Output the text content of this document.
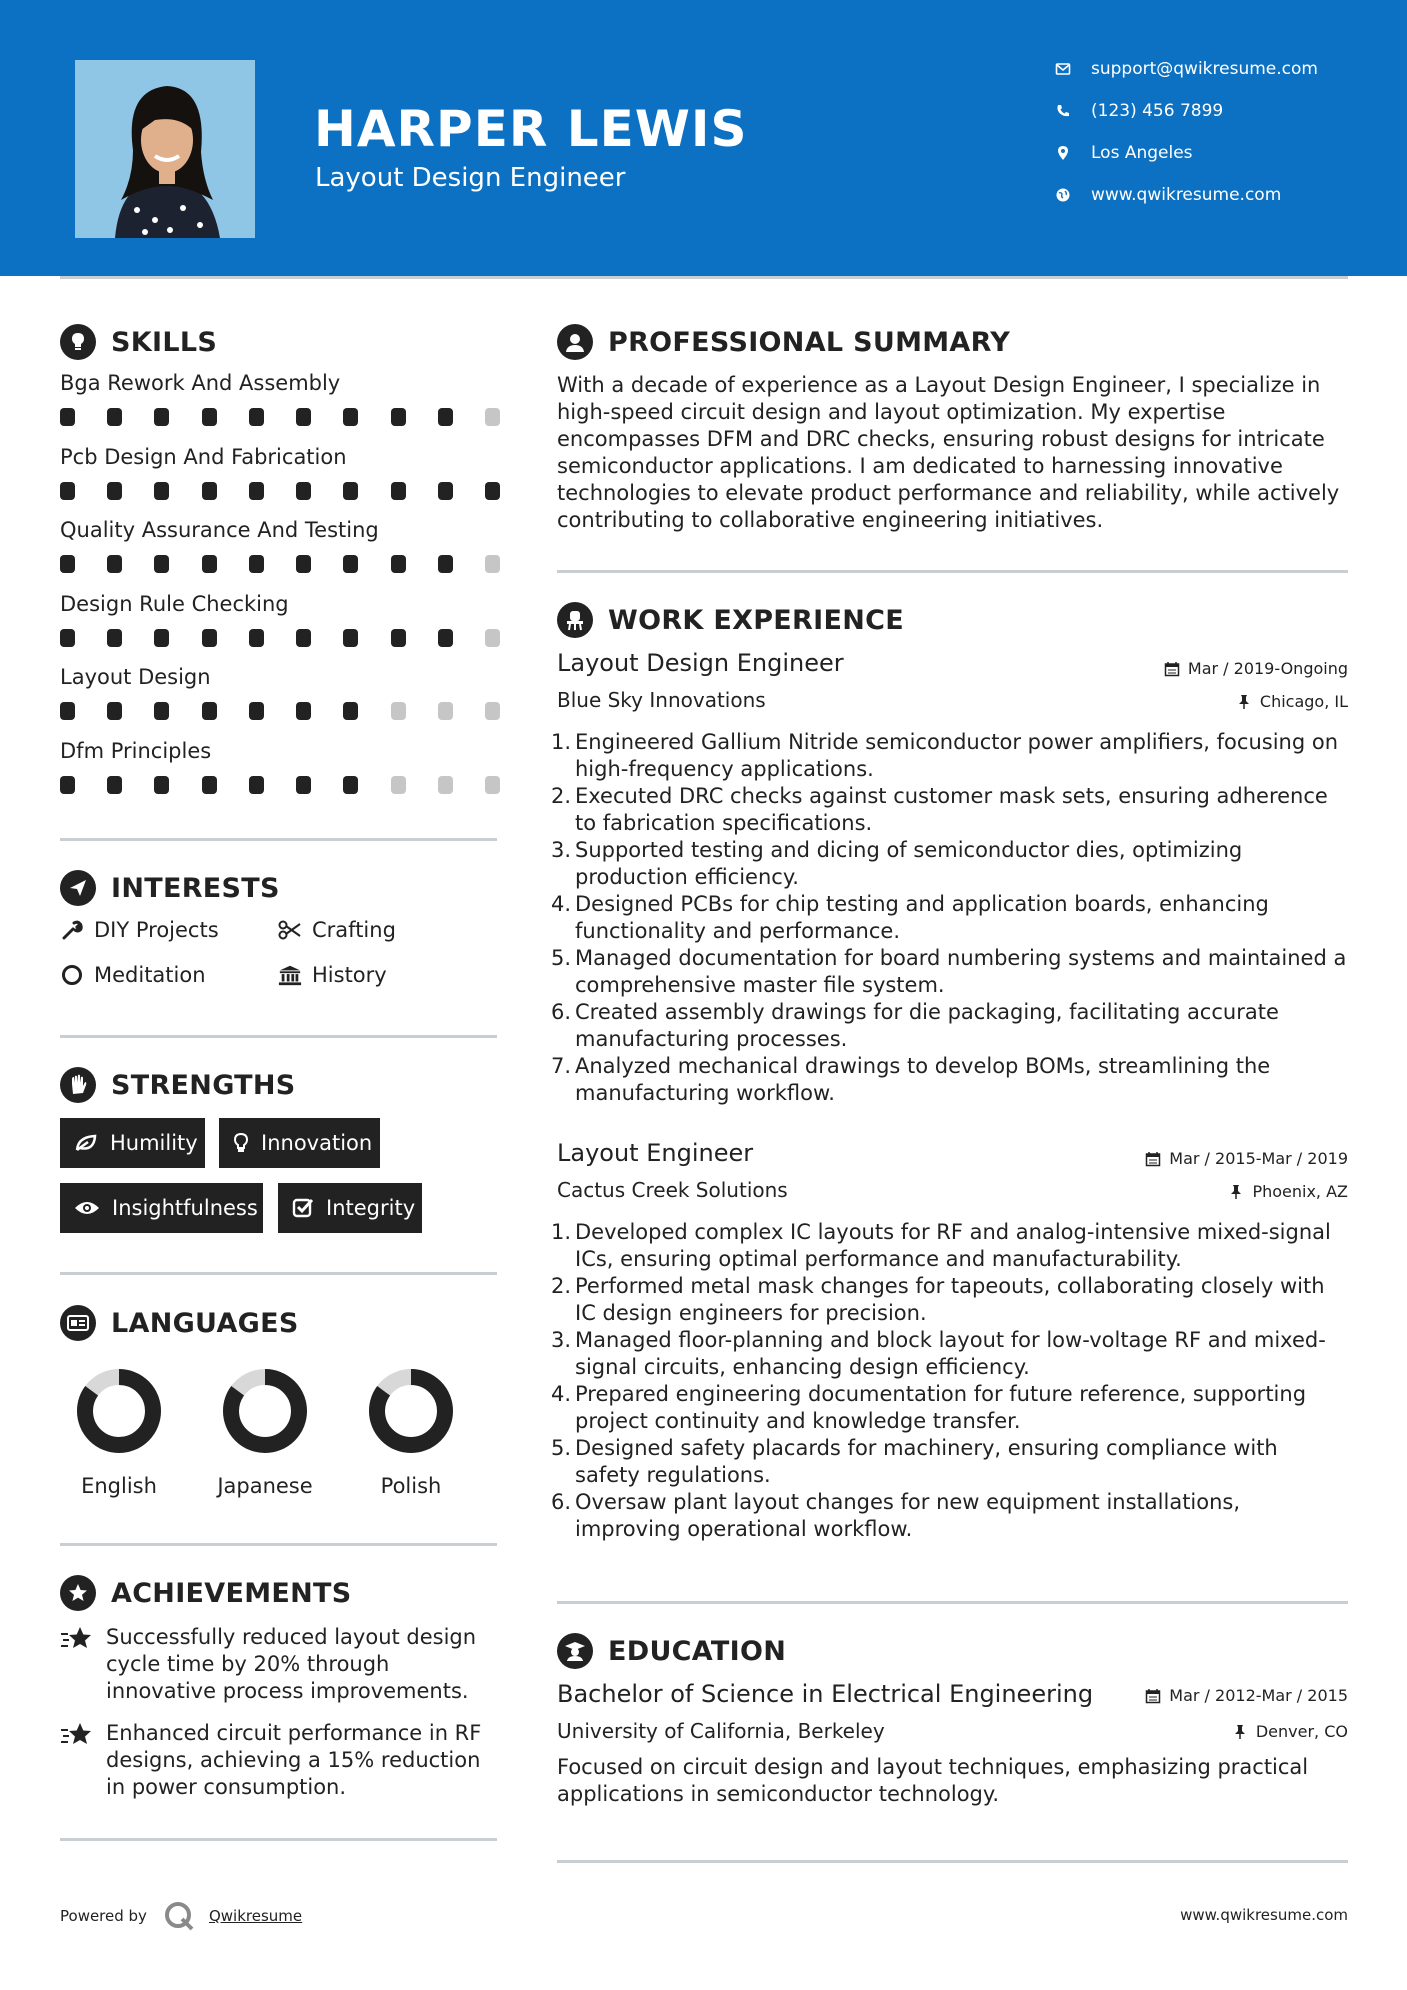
HARPER LEWIS
Layout Design Engineer
support@qwikresume.com
(123) 456 7899
Los Angeles
www.qwikresume.com
SKILLS
Bga Rework And Assembly
Pcb Design And Fabrication
Quality Assurance And Testing
Design Rule Checking
Layout Design
Dfm Principles
INTERESTS
DIY Projects	Crafting
Meditation	History
STRENGTHS
Humility	Innovation
Insightfulness	Integrity
LANGUAGES
English	Japanese	Polish
ACHIEVEMENTS
Successfully reduced layout design cycle time by 20% through innovative process improvements.
Enhanced circuit performance in RF designs, achieving a 15% reduction in power consumption.
PROFESSIONAL SUMMARY
With a decade of experience as a Layout Design Engineer, I specialize in high-speed circuit design and layout optimization. My expertise encompasses DFM and DRC checks, ensuring robust designs for intricate semiconductor applications. I am dedicated to harnessing innovative technologies to elevate product performance and reliability, while actively contributing to collaborative engineering initiatives.
WORK EXPERIENCE
Layout Design Engineer	Mar / 2019-Ongoing
Blue Sky Innovations	Chicago, IL
1. Engineered Gallium Nitride semiconductor power amplifiers, focusing on high-frequency applications.
2. Executed DRC checks against customer mask sets, ensuring adherence to fabrication specifications.
3. Supported testing and dicing of semiconductor dies, optimizing production efficiency.
4. Designed PCBs for chip testing and application boards, enhancing functionality and performance.
5. Managed documentation for board numbering systems and maintained a comprehensive master file system.
6. Created assembly drawings for die packaging, facilitating accurate manufacturing processes.
7. Analyzed mechanical drawings to develop BOMs, streamlining the manufacturing workflow.
Layout Engineer	Mar / 2015-Mar / 2019
Cactus Creek Solutions	Phoenix, AZ
1. Developed complex IC layouts for RF and analog-intensive mixed-signal ICs, ensuring optimal performance and manufacturability.
2. Performed metal mask changes for tapeouts, collaborating closely with IC design engineers for precision.
3. Managed floor-planning and block layout for low-voltage RF and mixed-signal circuits, enhancing design efficiency.
4. Prepared engineering documentation for future reference, supporting project continuity and knowledge transfer.
5. Designed safety placards for machinery, ensuring compliance with safety regulations.
6. Oversaw plant layout changes for new equipment installations, improving operational workflow.
EDUCATION
Bachelor of Science in Electrical Engineering	Mar / 2012-Mar / 2015
University of California, Berkeley	Denver, CO
Focused on circuit design and layout techniques, emphasizing practical applications in semiconductor technology.
Powered by	Qwikresume	www.qwikresume.com
